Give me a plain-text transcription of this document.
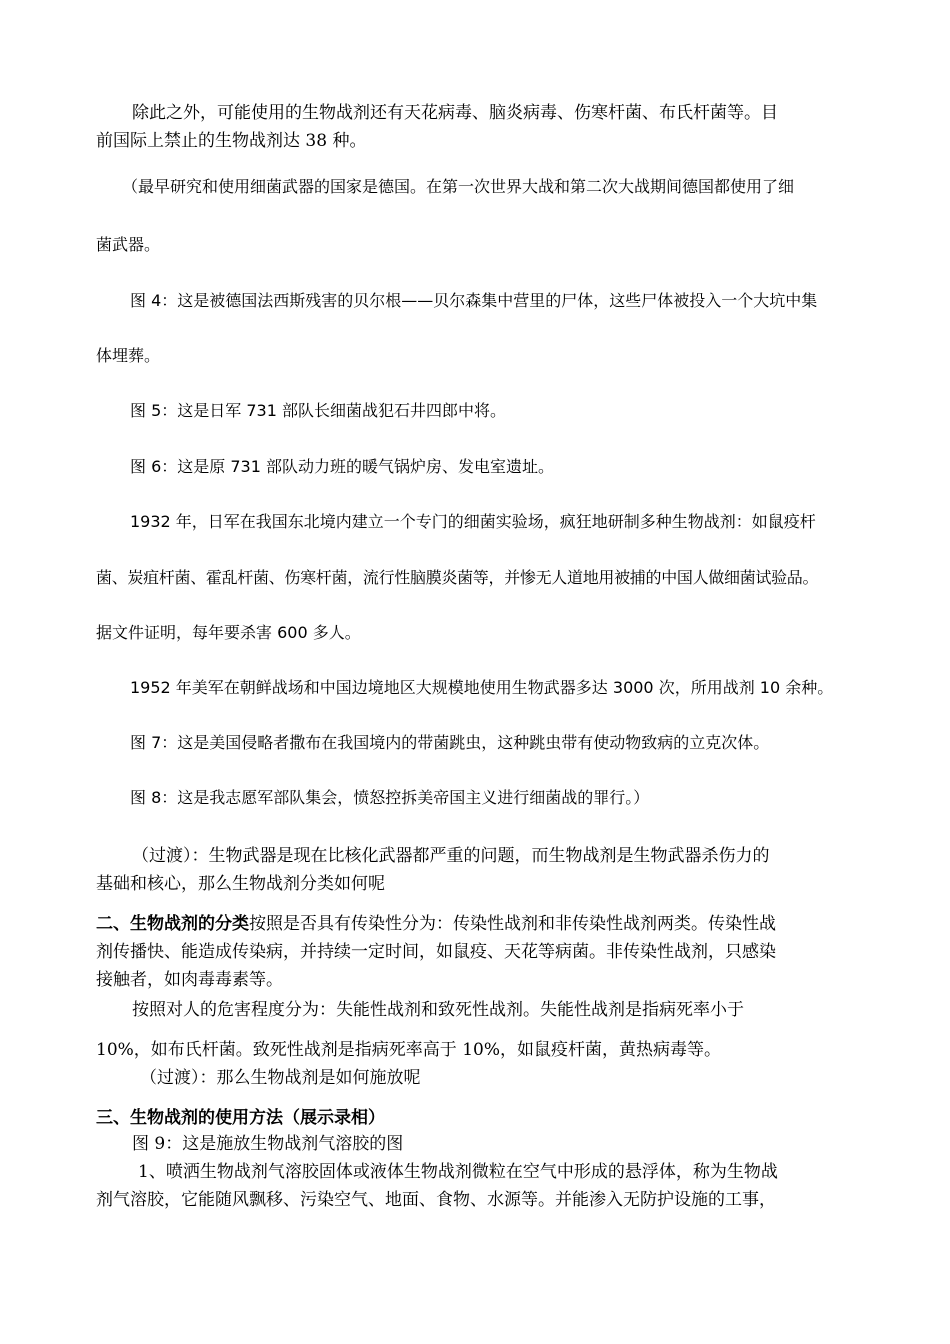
除此之外，可能使用的生物战剂还有天花病毒、脑炎病毒、伤寒杆菌、布氏杆菌等。目
前国际上禁止的生物战剂达 38 种。
（最早研究和使用细菌武器的国家是德国。在第一次世界大战和第二次大战期间德国都使用了细
菌武器。
图 4：这是被德国法西斯残害的贝尔根——贝尔森集中营里的尸体，这些尸体被投入一个大坑中集
体埋葬。
图 5：这是日军 731 部队长细菌战犯石井四郎中将。
图 6：这是原 731 部队动力班的暖气锅炉房、发电室遗址。
1932 年，日军在我国东北境内建立一个专门的细菌实验场，疯狂地研制多种生物战剂：如鼠疫杆
菌、炭疽杆菌、霍乱杆菌、伤寒杆菌，流行性脑膜炎菌等，并惨无人道地用被捕的中国人做细菌试验品。
据文件证明，每年要杀害 600 多人。
1952 年美军在朝鲜战场和中国边境地区大规模地使用生物武器多达 3000 次，所用战剂 10 余种。
图 7：这是美国侵略者撒布在我国境内的带菌跳虫，这种跳虫带有使动物致病的立克次体。
图 8：这是我志愿军部队集会，愤怒控拆美帝国主义进行细菌战的罪行。）
（过渡）：生物武器是现在比核化武器都严重的问题，而生物战剂是生物武器杀伤力的
基础和核心，那么生物战剂分类如何呢
二、生物战剂的分类按照是否具有传染性分为：传染性战剂和非传染性战剂两类。传染性战
剂传播快、能造成传染病，并持续一定时间，如鼠疫、天花等病菌。非传染性战剂，只感染
接触者，如肉毒毒素等。
按照对人的危害程度分为：失能性战剂和致死性战剂。失能性战剂是指病死率小于
10%，如布氏杆菌。致死性战剂是指病死率高于 10%，如鼠疫杆菌，黄热病毒等。
（过渡）：那么生物战剂是如何施放呢
三、生物战剂的使用方法（展示录相）
图 9：这是施放生物战剂气溶胶的图
1、喷洒生物战剂气溶胶固体或液体生物战剂微粒在空气中形成的悬浮体，称为生物战
剂气溶胶，它能随风飘移、污染空气、地面、食物、水源等。并能渗入无防护设施的工事，
